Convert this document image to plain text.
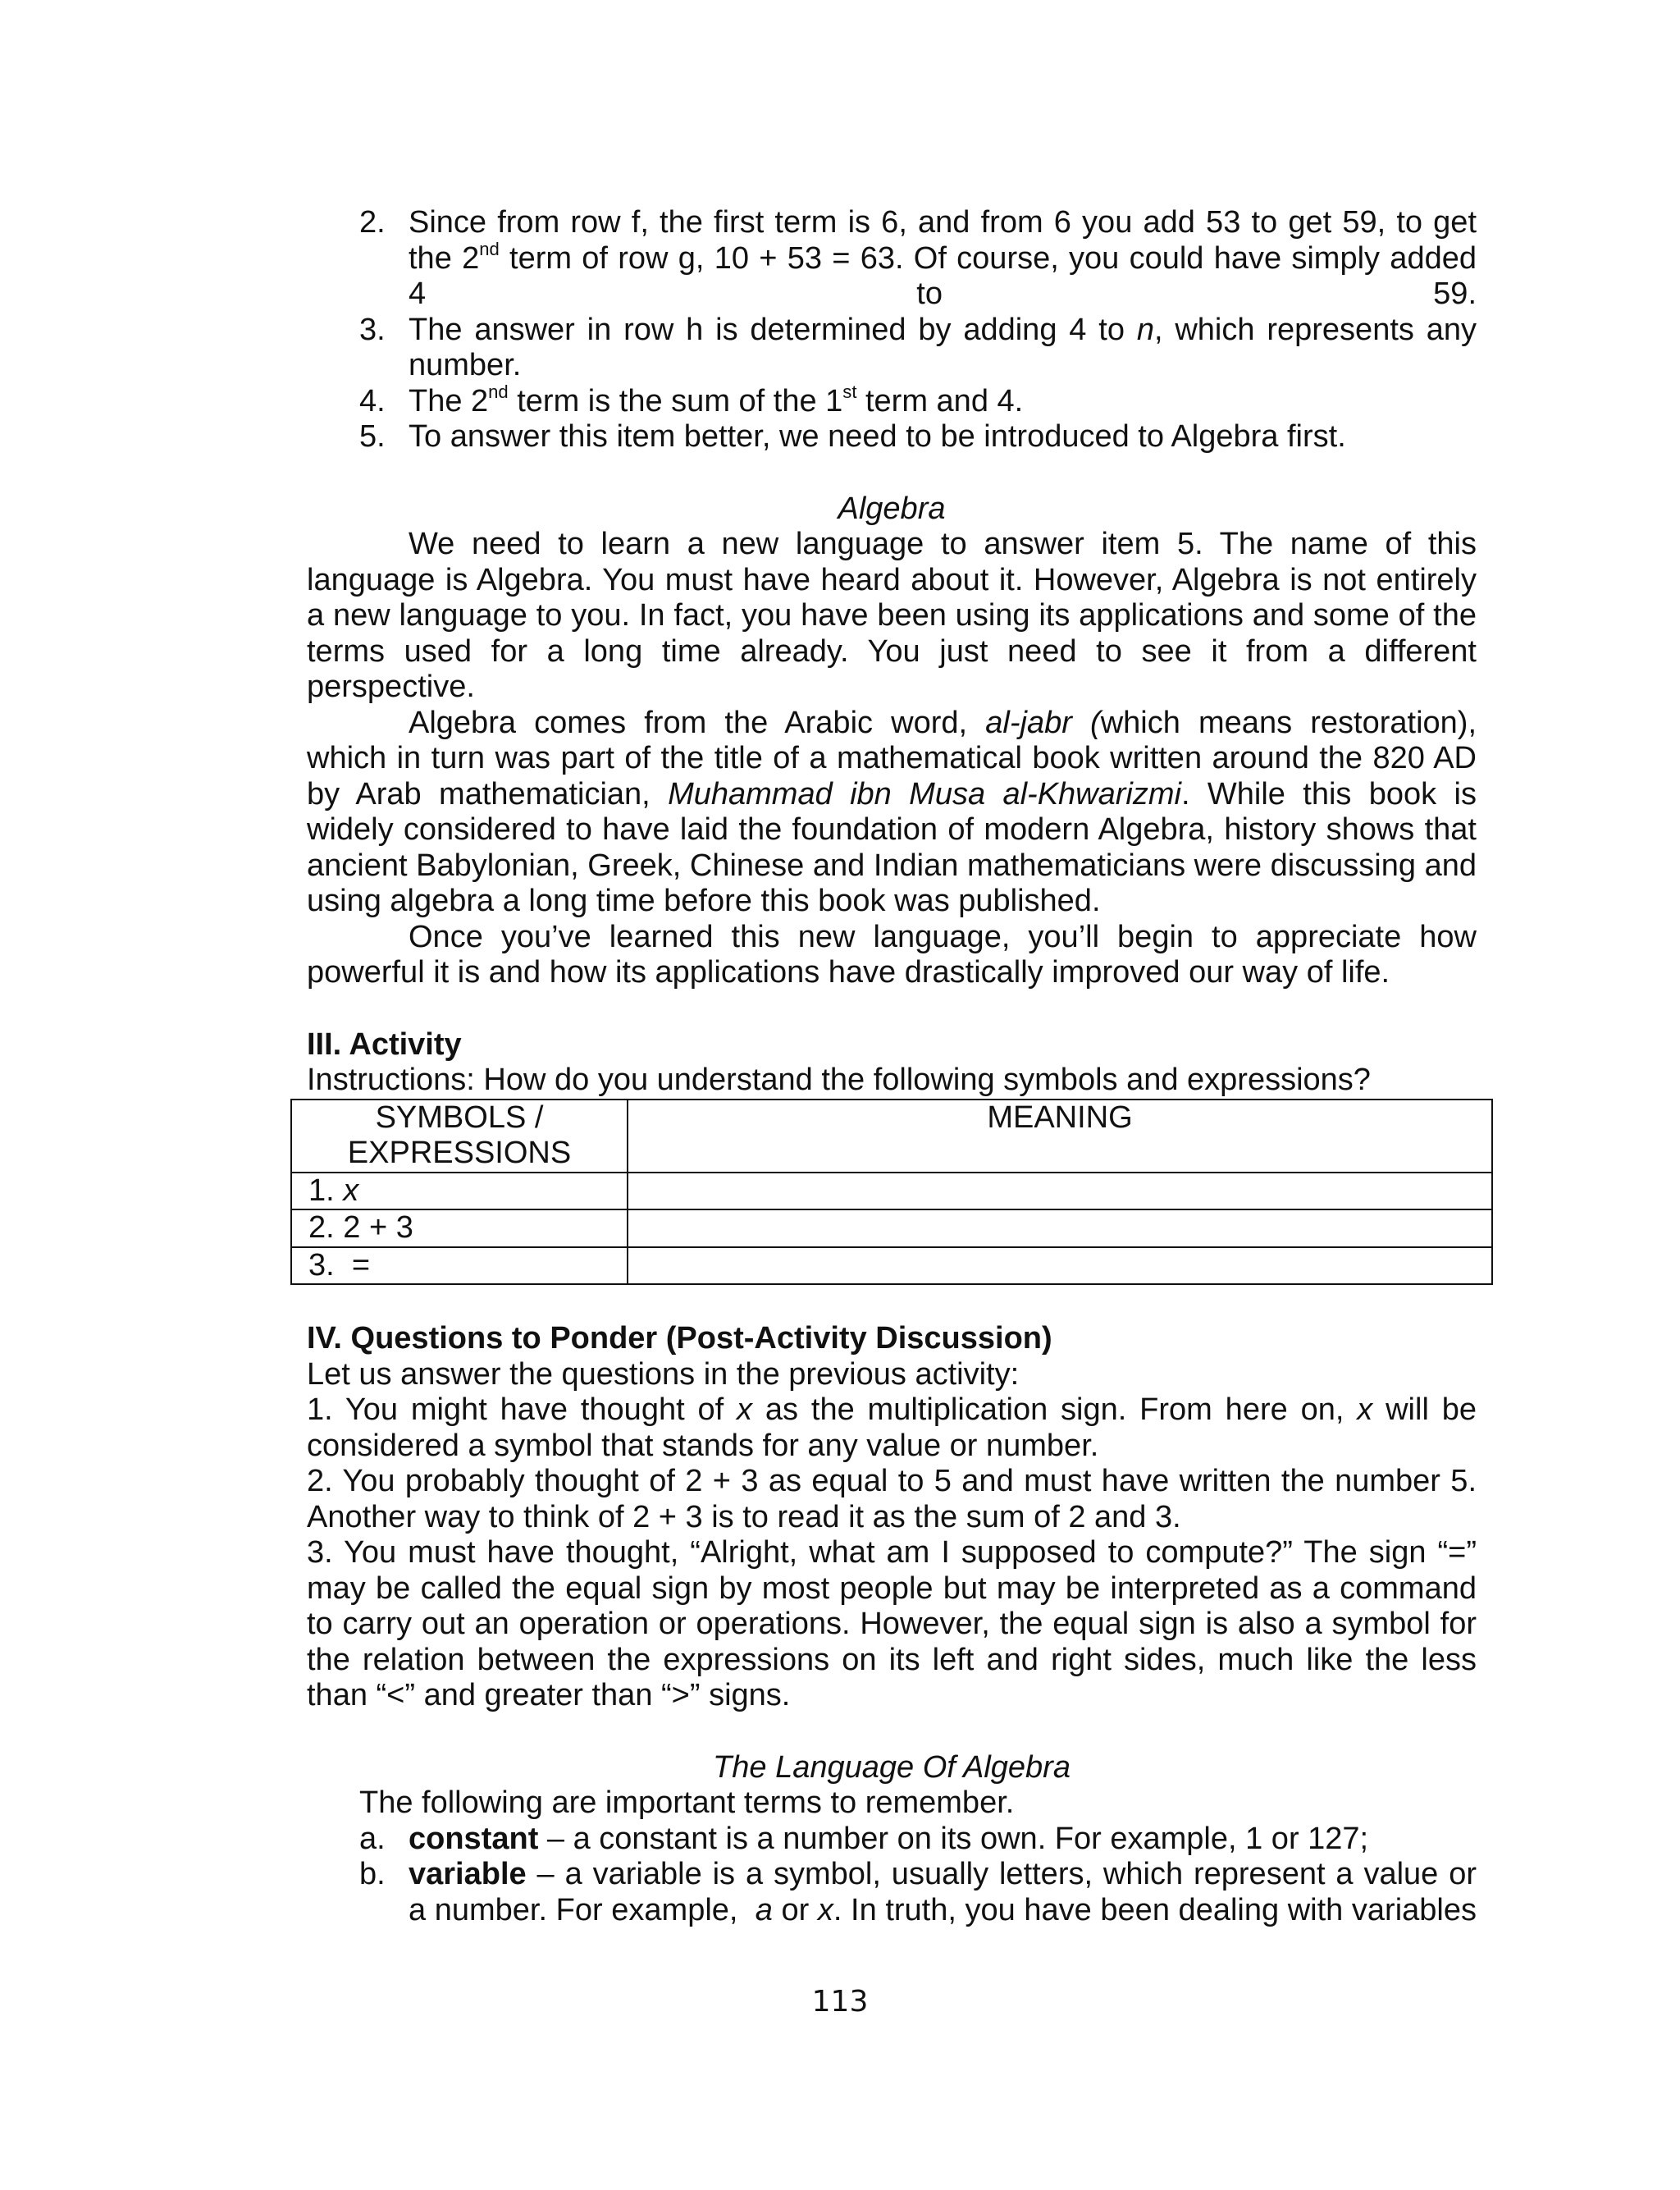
2. Since from row f, the first term is 6, and from 6 you add 53 to get 59, to get the 2nd term of row g, 10 + 53 = 63. Of course, you could have simply added 4 to 59.

3. The answer in row h is determined by adding 4 to n, which represents any number.

4. The 2nd term is the sum of the 1st term and 4.

5. To answer this item better, we need to be introduced to Algebra first.

Algebra

We need to learn a new language to answer item 5. The name of this language is Algebra. You must have heard about it. However, Algebra is not entirely a new language to you. In fact, you have been using its applications and some of the terms used for a long time already. You just need to see it from a different perspective.

Algebra comes from the Arabic word, al-jabr (which means restoration), which in turn was part of the title of a mathematical book written around the 820 AD by Arab mathematician, Muhammad ibn Musa al-Khwarizmi. While this book is widely considered to have laid the foundation of modern Algebra, history shows that ancient Babylonian, Greek, Chinese and Indian mathematicians were discussing and using algebra a long time before this book was published.

Once you’ve learned this new language, you’ll begin to appreciate how powerful it is and how its applications have drastically improved our way of life.

III. Activity

Instructions: How do you understand the following symbols and expressions?

SYMBOLS /
EXPRESSIONS	MEANING
1. x	
2. 2 + 3	
3.  =	

IV. Questions to Ponder (Post-Activity Discussion)

Let us answer the questions in the previous activity:

1. You might have thought of x as the multiplication sign. From here on, x will be considered a symbol that stands for any value or number.

2. You probably thought of 2 + 3 as equal to 5 and must have written the number 5. Another way to think of 2 + 3 is to read it as the sum of 2 and 3.

3. You must have thought, “Alright, what am I supposed to compute?” The sign “=” may be called the equal sign by most people but may be interpreted as a command to carry out an operation or operations. However, the equal sign is also a symbol for the relation between the expressions on its left and right sides, much like the less than “<” and greater than “>” signs.

The Language Of Algebra

The following are important terms to remember.

a. constant – a constant is a number on its own. For example, 1 or 127;

b. variable – a variable is a symbol, usually letters, which represent a value or a number. For example,  a or x. In truth, you have been dealing with variables

113
